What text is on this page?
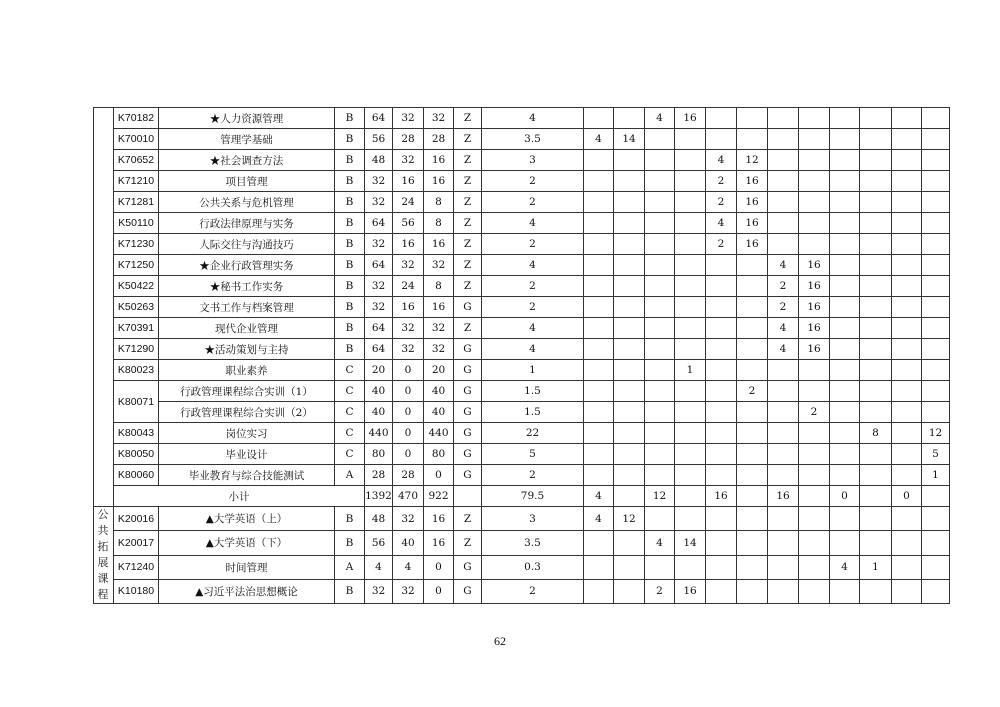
	K70182	★人力资源管理	B	64	32	32	Z	4			4	16								
	K70010	管理学基础	B	56	28	28	Z	3.5	4	14										
	K70652	★社会调查方法	B	48	32	16	Z	3					4	12						
	K71210	项目管理	B	32	16	16	Z	2					2	16						
	K71281	公共关系与危机管理	B	32	24	8	Z	2					2	16						
	K50110	行政法律原理与实务	B	64	56	8	Z	4					4	16						
	K71230	人际交往与沟通技巧	B	32	16	16	Z	2					2	16						
	K71250	★企业行政管理实务	B	64	32	32	Z	4							4	16				
	K50422	★秘书工作实务	B	32	24	8	Z	2							2	16				
	K50263	文书工作与档案管理	B	32	16	16	G	2							2	16				
	K70391	现代企业管理	B	64	32	32	Z	4							4	16				
	K71290	★活动策划与主持	B	64	32	32	G	4							4	16				
	K80023	职业素养	C	20	0	20	G	1				1								
	K80071	行政管理课程综合实训（1）	C	40	0	40	G	1.5						2						
		行政管理课程综合实训（2）	C	40	0	40	G	1.5								2				
	K80043	岗位实习	C	440	0	440	G	22										8		12
	K80050	毕业设计	C	80	0	80	G	5												5
	K80060	毕业教育与综合技能测试	A	28	28	0	G	2												1
	小计			1392	470	922		79.5	4		12		16		16		0		0	
公共拓展课程	K20016	▲大学英语（上）	B	48	32	16	Z	3	4	12										
	K20017	▲大学英语（下）	B	56	40	16	Z	3.5			4	14								
	K71240	时间管理	A	4	4	0	G	0.3									4	1		
	K10180	▲习近平法治思想概论	B	32	32	0	G	2			2	16								
62
